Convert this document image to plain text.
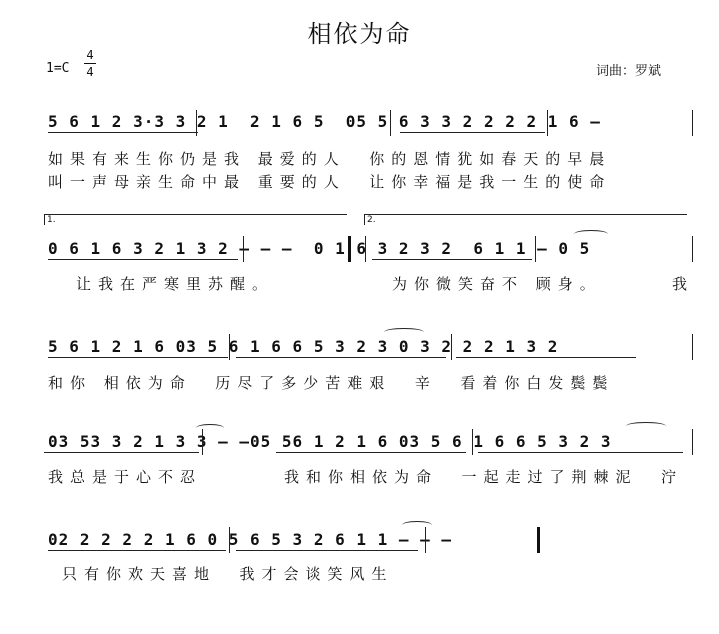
相依为命
1=C
4
4	词曲：罗斌
5 6 1 2 3·3 3 2 1  2 1 6 5  05 5 6 3 3 2 2 2 2 1 6 —
如果有来生你仍是我 最爱的人  你的恩情犹如春天的早晨
叫一声母亲生命中最 重要的人  让你幸福是我一生的使命
1.	2.
0 6 1 6 3 2 1 3 2 — — —  0 1 6 3 2 3 2  6 1 1 — 0 5
让我在严寒里苏醒。	为你微笑奋不 顾身。	我
5 6 1 2 1 6 03 5 6 1 6 6 5 3 2 3 0 3 2 2 2 1 3 2
和你 相依为命  历尽了多少苦难艰  辛  看着你白发鬓鬓
03 53 3 2 1 3 3 — —05 56 1 2 1 6 03 5 6 1 6 6 5 3 2 3
我总是于心不忍	我和你相依为命  一起走过了荆棘泥  泞
02 2 2 2 2 1 6 0 5 6 5 3 2 6 1 1 — — —
只有你欢天喜地  我才会谈笑风生
